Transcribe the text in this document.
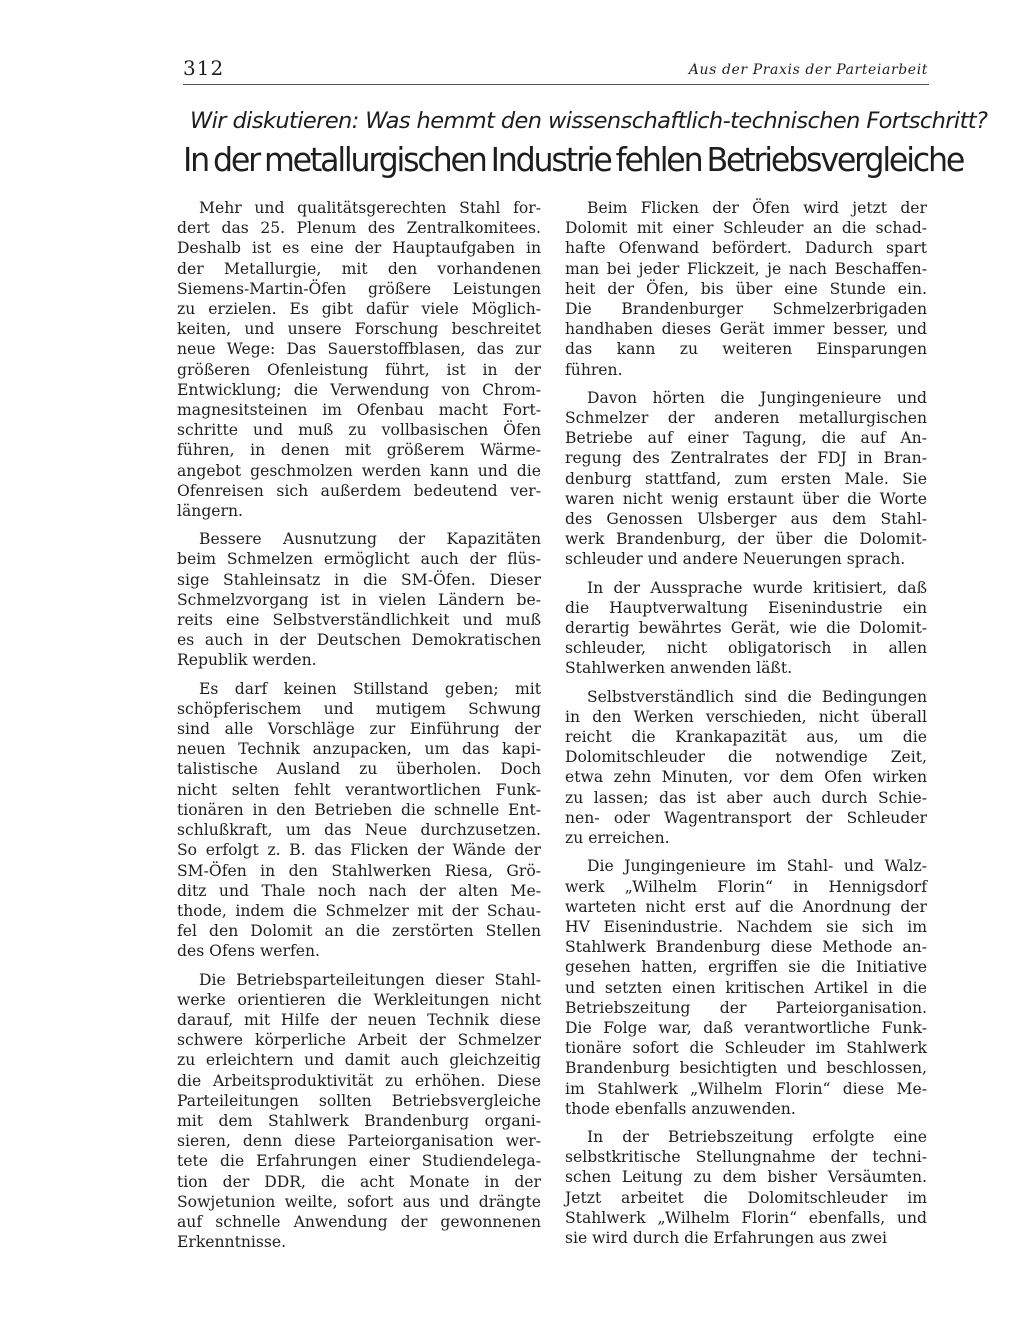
312	Aus der Praxis der Parteiarbeit
Wir diskutieren: Was hemmt den wissenschaftlich-technischen Fortschritt?
In der metallurgischen Industrie fehlen Betriebsvergleiche

Mehr und qualitätsgerechten Stahl for-
dert das 25. Plenum des Zentralkomitees.
Deshalb ist es eine der Hauptaufgaben in
der Metallurgie, mit den vorhandenen
Siemens-Martin-Öfen größere Leistungen
zu erzielen. Es gibt dafür viele Möglich-
keiten, und unsere Forschung beschreitet
neue Wege: Das Sauerstoffblasen, das zur
größeren Ofenleistung führt, ist in der
Entwicklung; die Verwendung von Chrom-
magnesitsteinen im Ofenbau macht Fort-
schritte und muß zu vollbasischen Öfen
führen, in denen mit größerem Wärme-
angebot geschmolzen werden kann und die
Ofenreisen sich außerdem bedeutend ver-
längern.

Bessere Ausnutzung der Kapazitäten
beim Schmelzen ermöglicht auch der flüs-
sige Stahleinsatz in die SM-Öfen. Dieser
Schmelzvorgang ist in vielen Ländern be-
reits eine Selbstverständlichkeit und muß
es auch in der Deutschen Demokratischen
Republik werden.

Es darf keinen Stillstand geben; mit
schöpferischem und mutigem Schwung
sind alle Vorschläge zur Einführung der
neuen Technik anzupacken, um das kapi-
talistische Ausland zu überholen. Doch
nicht selten fehlt verantwortlichen Funk-
tionären in den Betrieben die schnelle Ent-
schlußkraft, um das Neue durchzusetzen.
So erfolgt z. B. das Flicken der Wände der
SM-Öfen in den Stahlwerken Riesa, Grö-
ditz und Thale noch nach der alten Me-
thode, indem die Schmelzer mit der Schau-
fel den Dolomit an die zerstörten Stellen
des Ofens werfen.

Die Betriebsparteileitungen dieser Stahl-
werke orientieren die Werkleitungen nicht
darauf, mit Hilfe der neuen Technik diese
schwere körperliche Arbeit der Schmelzer
zu erleichtern und damit auch gleichzeitig
die Arbeitsproduktivität zu erhöhen. Diese
Parteileitungen sollten Betriebsvergleiche
mit dem Stahlwerk Brandenburg organi-
sieren, denn diese Parteiorganisation wer-
tete die Erfahrungen einer Studiendelega-
tion der DDR, die acht Monate in der
Sowjetunion weilte, sofort aus und drängte
auf schnelle Anwendung der gewonnenen
Erkenntnisse.

Beim Flicken der Öfen wird jetzt der
Dolomit mit einer Schleuder an die schad-
hafte Ofenwand befördert. Dadurch spart
man bei jeder Flickzeit, je nach Beschaffen-
heit der Öfen, bis über eine Stunde ein.
Die Brandenburger Schmelzerbrigaden
handhaben dieses Gerät immer besser, und
das kann zu weiteren Einsparungen
führen.

Davon hörten die Jungingenieure und
Schmelzer der anderen metallurgischen
Betriebe auf einer Tagung, die auf An-
regung des Zentralrates der FDJ in Bran-
denburg stattfand, zum ersten Male. Sie
waren nicht wenig erstaunt über die Worte
des Genossen Ulsberger aus dem Stahl-
werk Brandenburg, der über die Dolomit-
schleuder und andere Neuerungen sprach.

In der Aussprache wurde kritisiert, daß
die Hauptverwaltung Eisenindustrie ein
derartig bewährtes Gerät, wie die Dolomit-
schleuder, nicht obligatorisch in allen
Stahlwerken anwenden läßt.

Selbstverständlich sind die Bedingungen
in den Werken verschieden, nicht überall
reicht die Krankapazität aus, um die
Dolomitschleuder die notwendige Zeit,
etwa zehn Minuten, vor dem Ofen wirken
zu lassen; das ist aber auch durch Schie-
nen- oder Wagentransport der Schleuder
zu erreichen.

Die Jungingenieure im Stahl- und Walz-
werk „Wilhelm Florin“ in Hennigsdorf
warteten nicht erst auf die Anordnung der
HV Eisenindustrie. Nachdem sie sich im
Stahlwerk Brandenburg diese Methode an-
gesehen hatten, ergriffen sie die Initiative
und setzten einen kritischen Artikel in die
Betriebszeitung der Parteiorganisation.
Die Folge war, daß verantwortliche Funk-
tionäre sofort die Schleuder im Stahlwerk
Brandenburg besichtigten und beschlossen,
im Stahlwerk „Wilhelm Florin“ diese Me-
thode ebenfalls anzuwenden.

In der Betriebszeitung erfolgte eine
selbstkritische Stellungnahme der techni-
schen Leitung zu dem bisher Versäumten.
Jetzt arbeitet die Dolomitschleuder im
Stahlwerk „Wilhelm Florin“ ebenfalls, und
sie wird durch die Erfahrungen aus zwei
